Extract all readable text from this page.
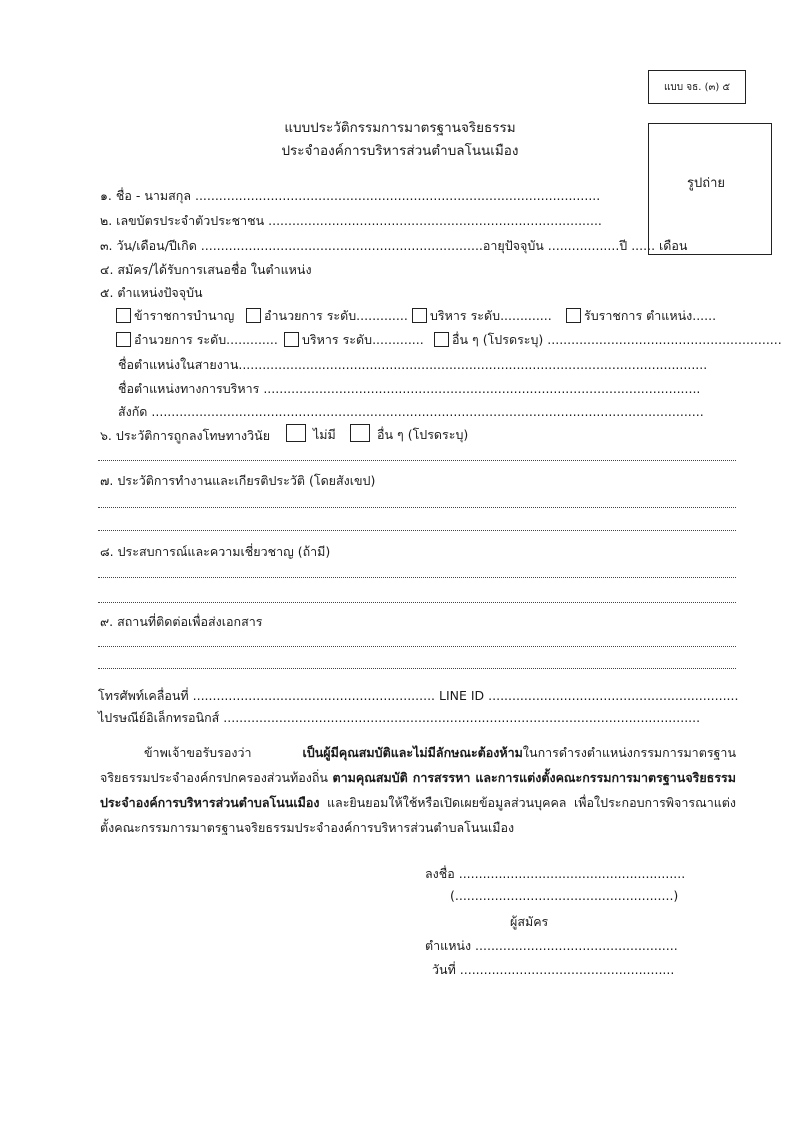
แบบ จธ. (๓) ๕
แบบประวัติกรรมการมาตรฐานจริยธรรม
ประจำองค์การบริหารส่วนตำบลโนนเมือง
รูปถ่าย
๑. ชื่อ - นามสกุล ......................................................................................................
๒. เลขบัตรประจำตัวประชาชน ....................................................................................
๓. วัน/เดือน/ปีเกิด .......................................................................อายุปัจจุบัน ..................ปี ...... เดือน
๔. สมัคร/ได้รับการเสนอชื่อ ในตำแหน่ง
๕. ตำแหน่งปัจจุบัน
ข้าราชการบำนาญ	อำนวยการ ระดับ.............	บริหาร ระดับ.............	รับราชการ ตำแหน่ง......
อำนวยการ ระดับ.............	บริหาร ระดับ.............	อื่น ๆ (โปรดระบุ) ...........................................................
ชื่อตำแหน่งในสายงาน......................................................................................................................
ชื่อตำแหน่งทางการบริหาร ..............................................................................................................
สังกัด ...........................................................................................................................................
๖. ประวัติการถูกลงโทษทางวินัย	ไม่มี	อื่น ๆ (โปรดระบุ)
๗. ประวัติการทำงานและเกียรติประวัติ (โดยสังเขป)
๘. ประสบการณ์และความเชี่ยวชาญ (ถ้ามี)
๙. สถานที่ติดต่อเพื่อส่งเอกสาร
โทรศัพท์เคลื่อนที่ ............................................................. LINE ID ...............................................................
ไปรษณีย์อิเล็กทรอนิกส์ ........................................................................................................................
ข้าพเจ้าขอรับรองว่า เป็นผู้มีคุณสมบัติและไม่มีลักษณะต้องห้ามในการดำรงตำแหน่งกรรมการมาตรฐานจริยธรรมประจำองค์กรปกครองส่วนท้องถิ่น ตามคุณสมบัติ การสรรหา และการแต่งตั้งคณะกรรมการมาตรฐานจริยธรรมประจำองค์การบริหารส่วนตำบลโนนเมือง และยินยอมให้ใช้หรือเปิดเผยข้อมูลส่วนบุคคล เพื่อใประกอบการพิจารณาแต่งตั้งคณะกรรมการมาตรฐานจริยธรรมประจำองค์การบริหารส่วนตำบลโนนเมือง
ลงชื่อ .........................................................
(.......................................................)
ผู้สมัคร
ตำแหน่ง ...................................................
วันที่ ......................................................
